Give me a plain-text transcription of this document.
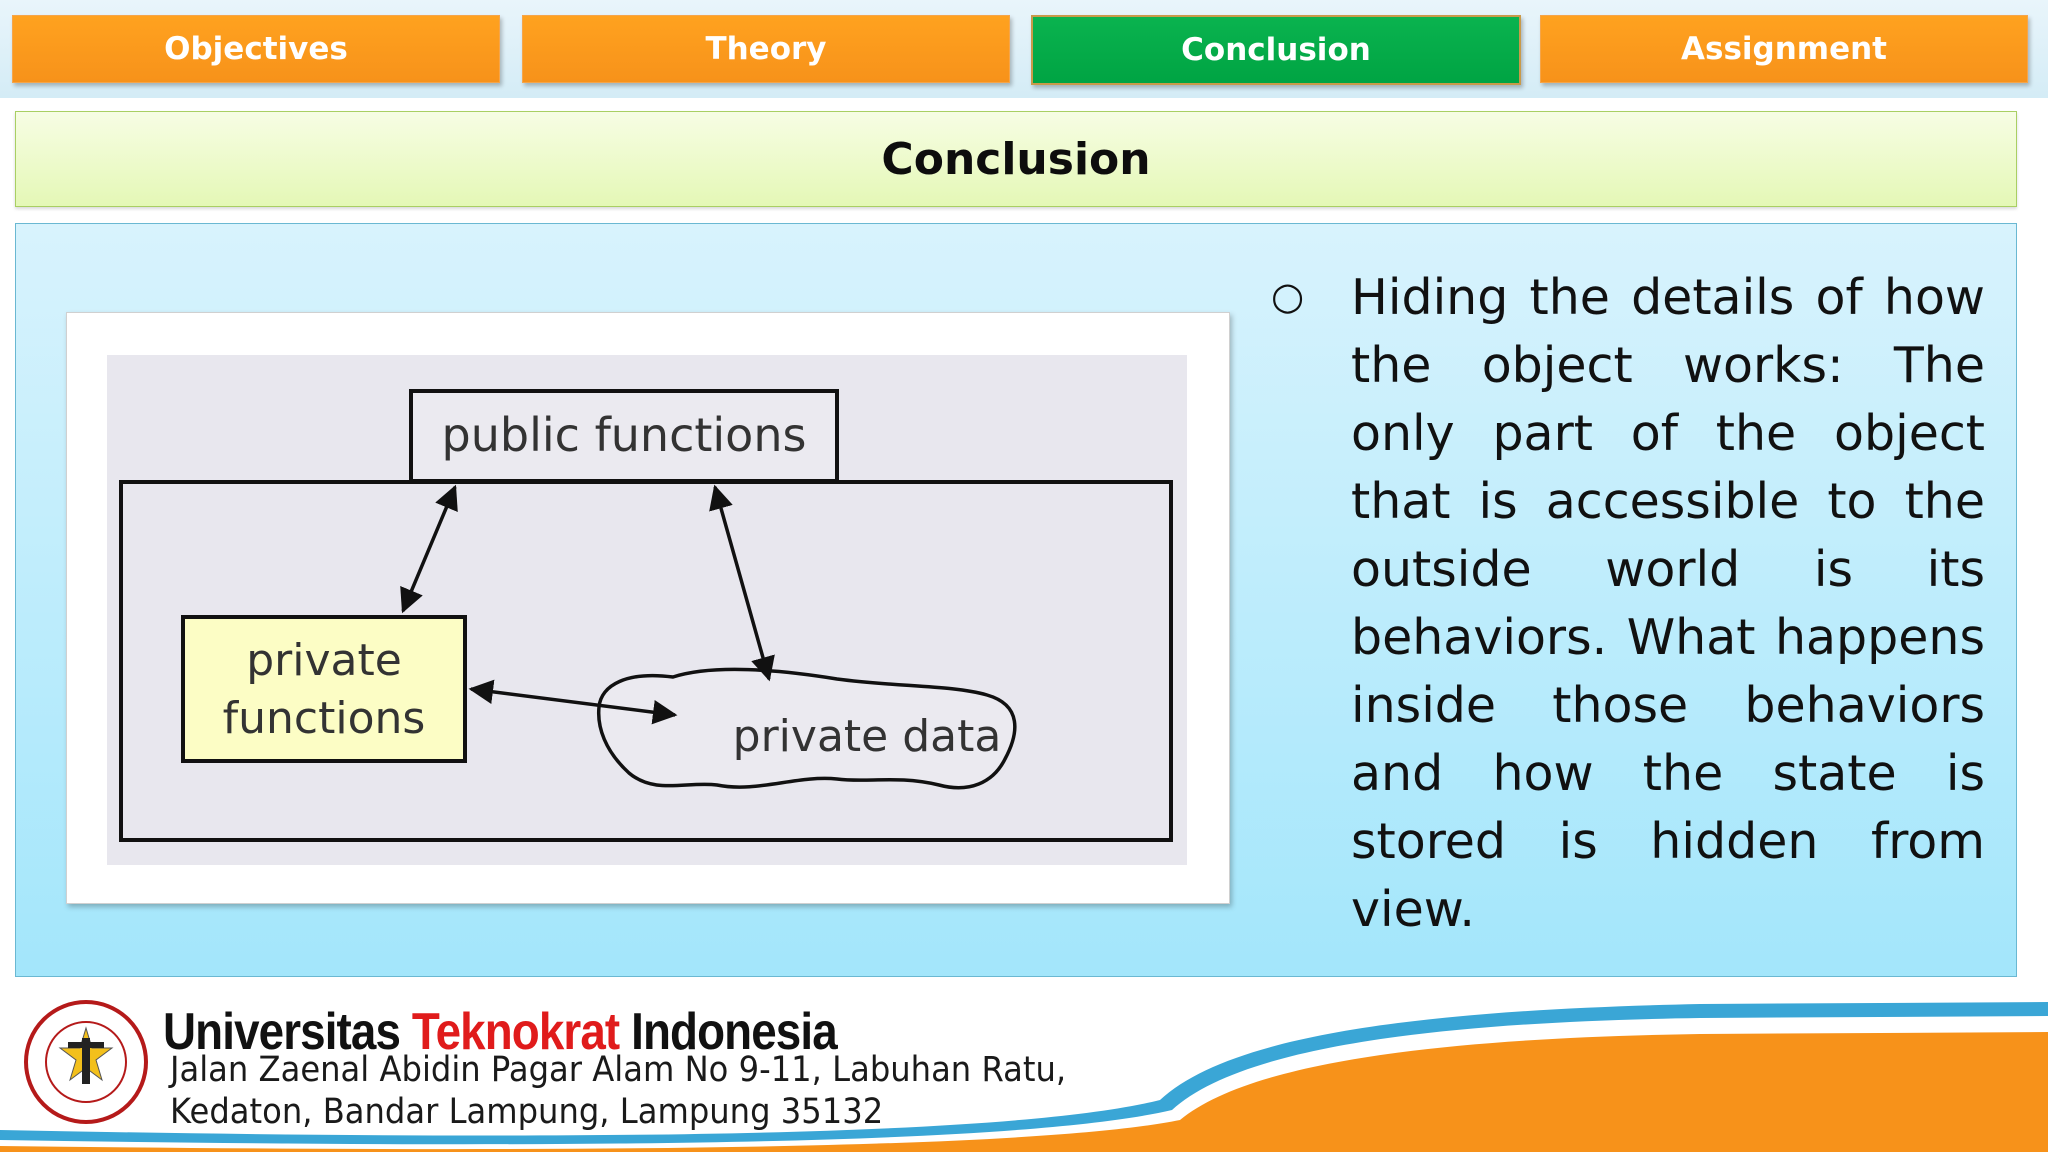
Objectives	Theory	Conclusion	Assignment
Conclusion
public functions
private
functions	private data
○ Hiding the details of how the object works: The only part of the object that is accessible to the outside world is its behaviors. What happens inside those behaviors and how the state is stored is hidden from view.
Universitas Teknokrat Indonesia
Jalan Zaenal Abidin Pagar Alam No 9-11, Labuhan Ratu,
Kedaton, Bandar Lampung, Lampung 35132
